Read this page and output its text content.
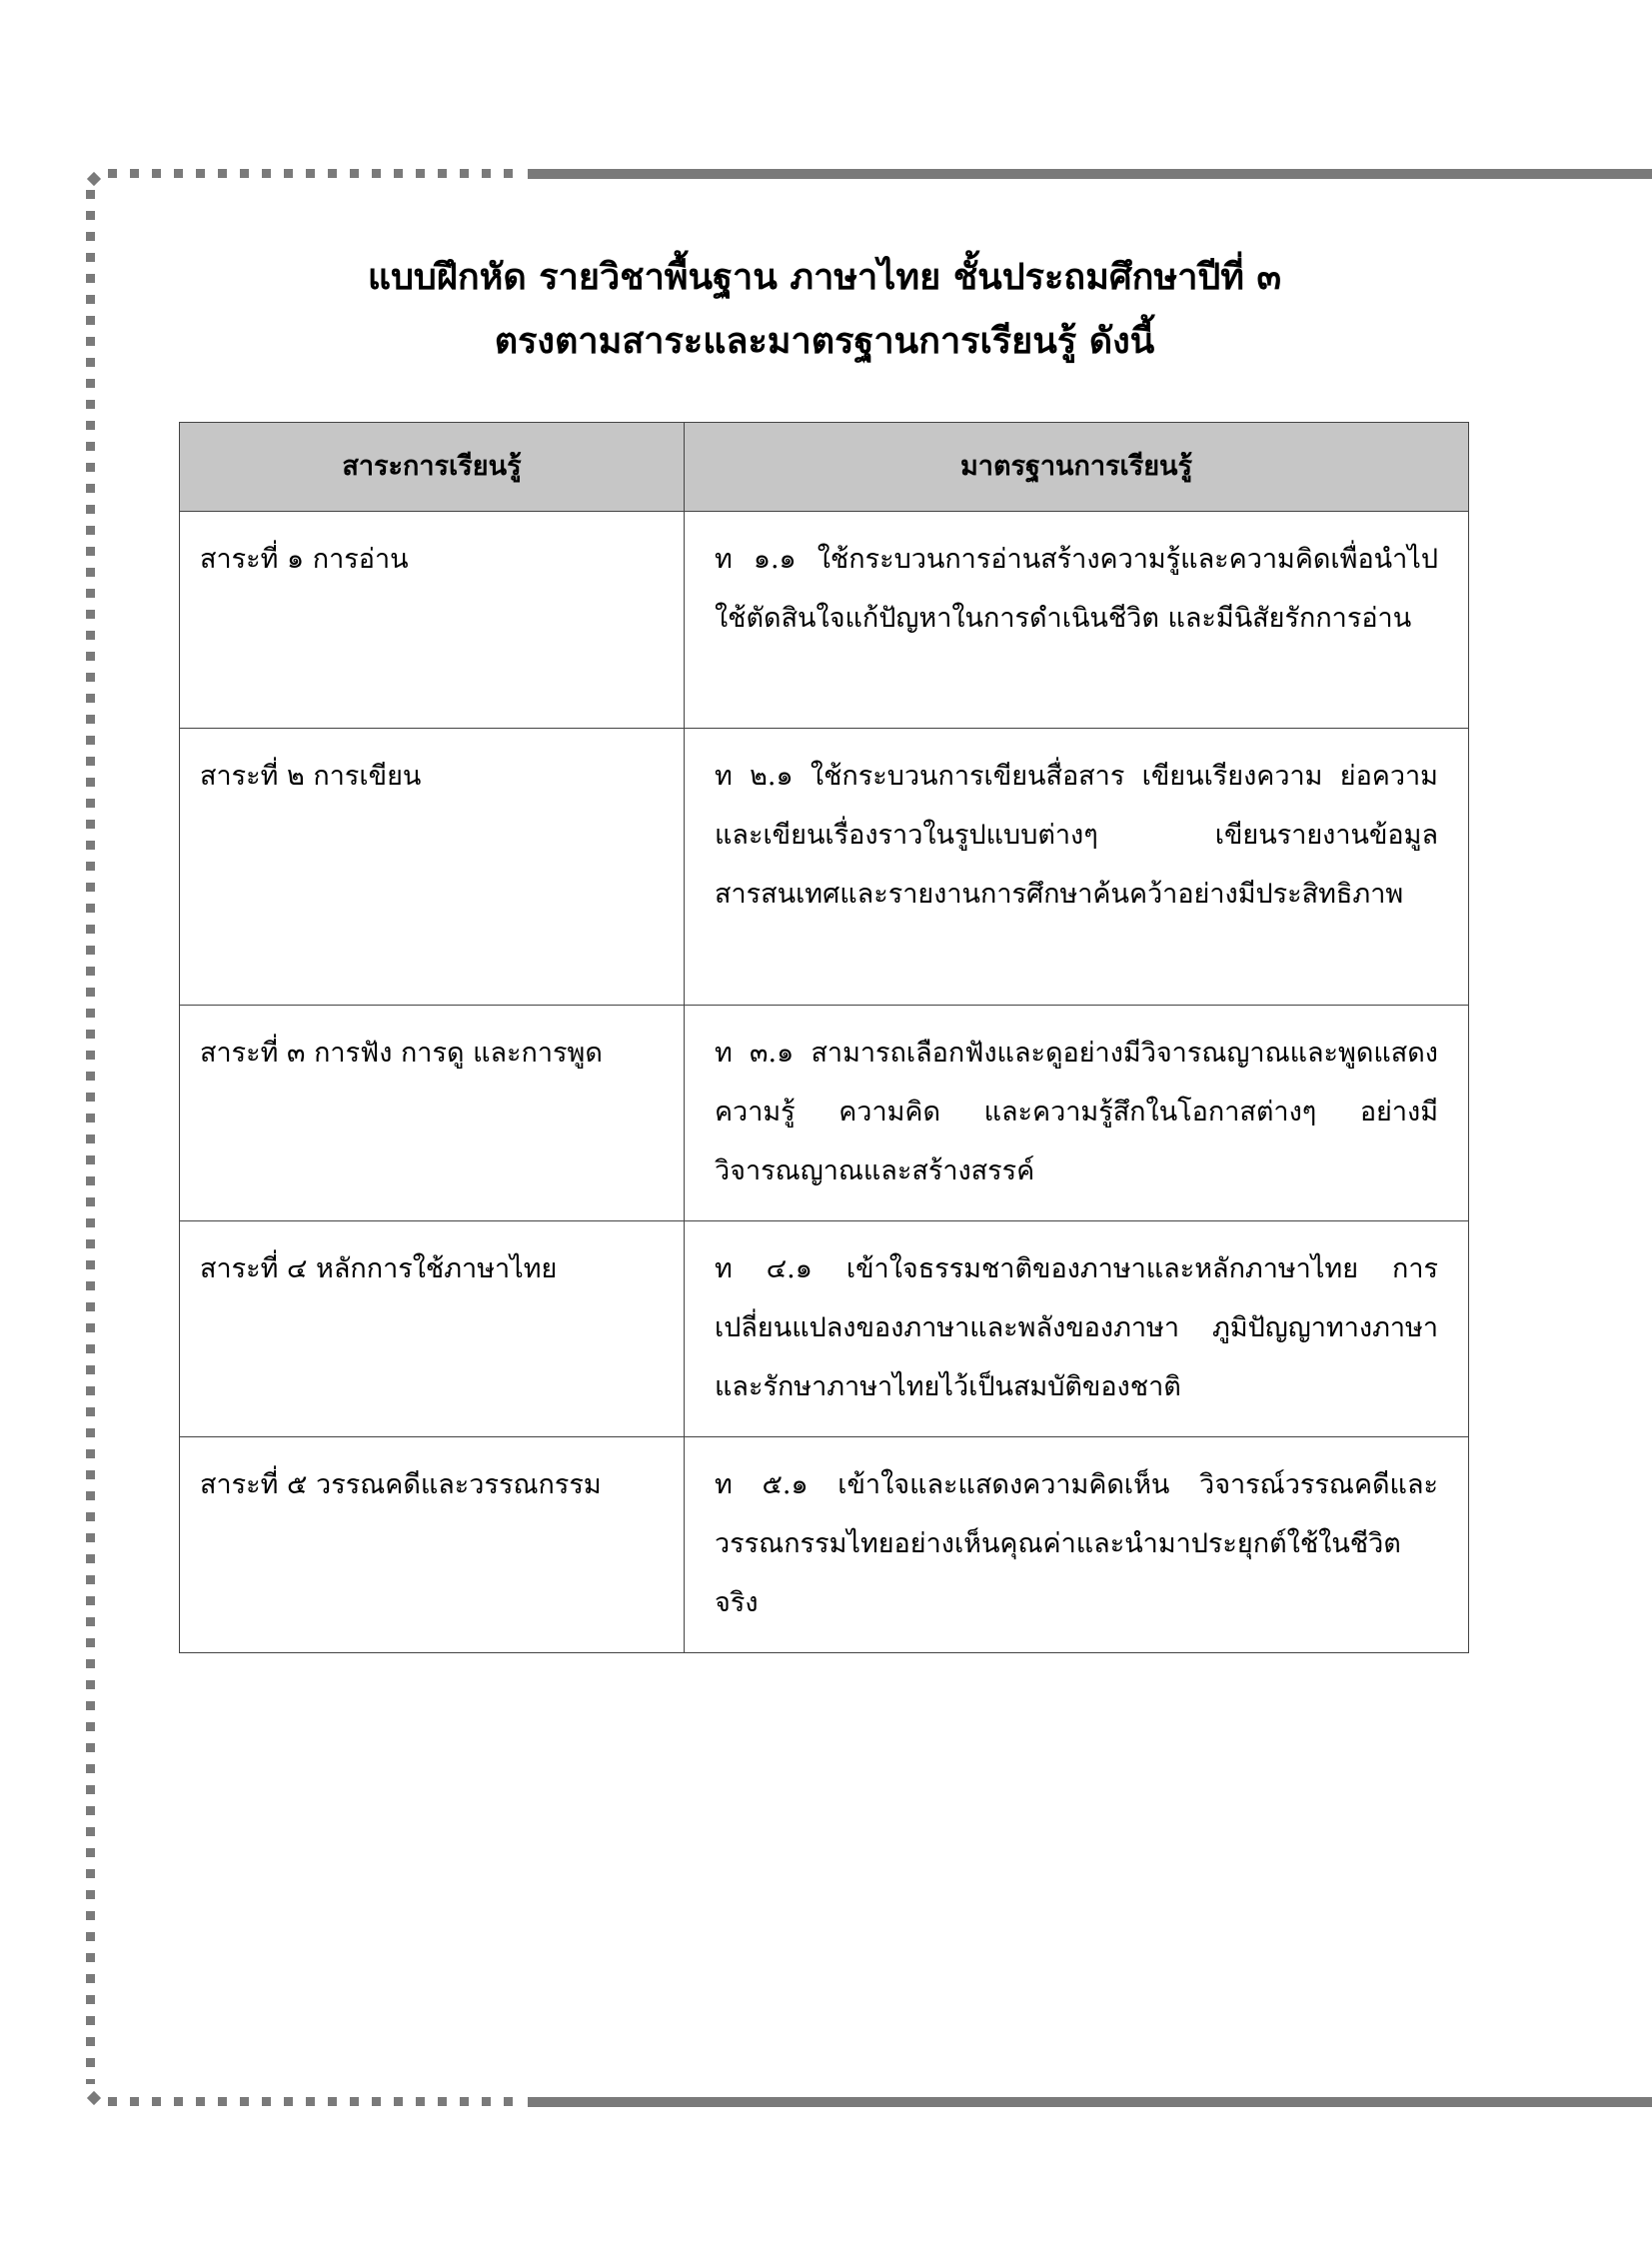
แบบฝึกหัด รายวิชาพื้นฐาน ภาษาไทย ชั้นประถมศึกษาปีที่ ๓
ตรงตามสาระและมาตรฐานการเรียนรู้ ดังนี้
สาระการเรียนรู้	มาตรฐานการเรียนรู้
สาระที่ ๑ การอ่าน	ท ๑.๑ ใช้กระบวนการอ่านสร้างความรู้และความคิดเพื่อนำไปใช้ตัดสินใจแก้ปัญหาในการดำเนินชีวิต และมีนิสัยรักการอ่าน
สาระที่ ๒ การเขียน	ท ๒.๑ ใช้กระบวนการเขียนสื่อสาร เขียนเรียงความ ย่อความ และเขียนเรื่องราวในรูปแบบต่างๆ เขียนรายงานข้อมูลสารสนเทศและรายงานการศึกษาค้นคว้าอย่างมีประสิทธิภาพ
สาระที่ ๓ การฟัง การดู และการพูด	ท ๓.๑ สามารถเลือกฟังและดูอย่างมีวิจารณญาณและพูดแสดงความรู้ ความคิด และความรู้สึกในโอกาสต่างๆ อย่างมีวิจารณญาณและสร้างสรรค์
สาระที่ ๔ หลักการใช้ภาษาไทย	ท ๔.๑ เข้าใจธรรมชาติของภาษาและหลักภาษาไทย การเปลี่ยนแปลงของภาษาและพลังของภาษา ภูมิปัญญาทางภาษา และรักษาภาษาไทยไว้เป็นสมบัติของชาติ
สาระที่ ๕ วรรณคดีและวรรณกรรม	ท ๕.๑ เข้าใจและแสดงความคิดเห็น วิจารณ์วรรณคดีและวรรณกรรมไทยอย่างเห็นคุณค่าและนำมาประยุกต์ใช้ในชีวิตจริง
